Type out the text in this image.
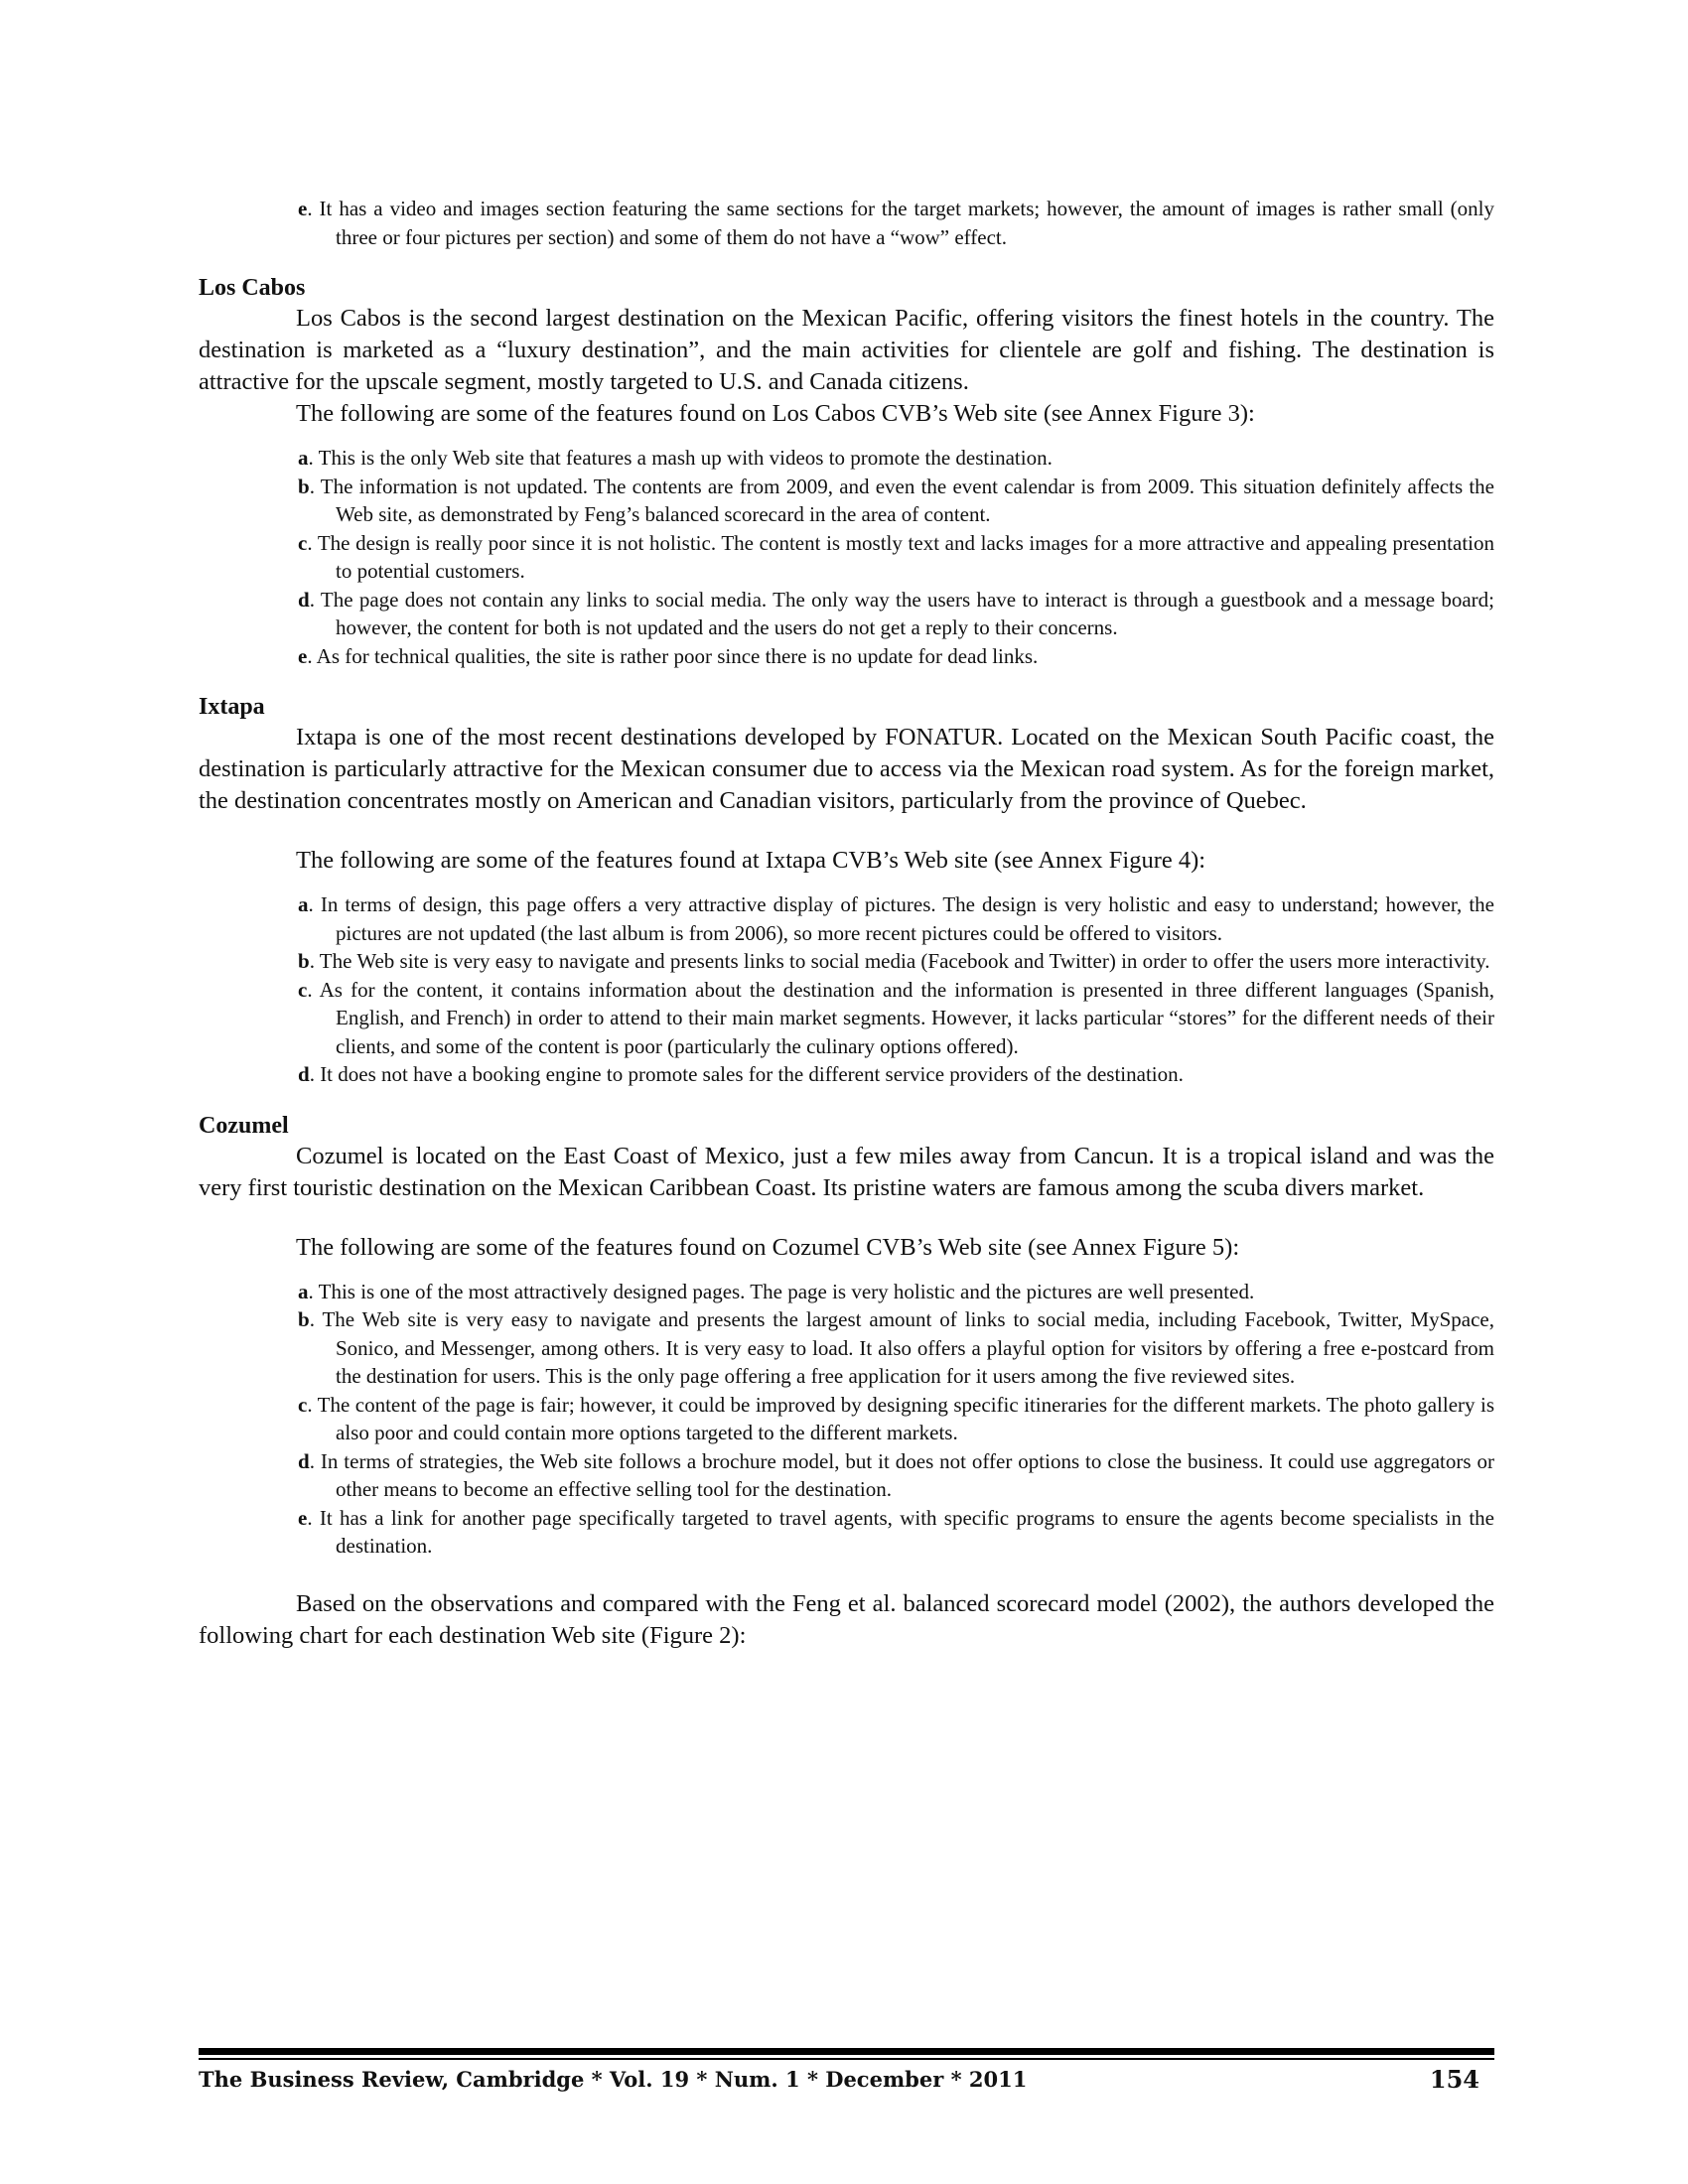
e. It has a video and images section featuring the same sections for the target markets; however, the amount of images is rather small (only three or four pictures per section) and some of them do not have a “wow” effect.
Los Cabos

Los Cabos is the second largest destination on the Mexican Pacific, offering visitors the finest hotels in the country. The destination is marketed as a “luxury destination”, and the main activities for clientele are golf and fishing. The destination is attractive for the upscale segment, mostly targeted to U.S. and Canada citizens.

The following are some of the features found on Los Cabos CVB’s Web site (see Annex Figure 3):

a. This is the only Web site that features a mash up with videos to promote the destination.
b. The information is not updated. The contents are from 2009, and even the event calendar is from 2009. This situation definitely affects the Web site, as demonstrated by Feng’s balanced scorecard in the area of content.
c. The design is really poor since it is not holistic. The content is mostly text and lacks images for a more attractive and appealing presentation to potential customers.
d. The page does not contain any links to social media. The only way the users have to interact is through a guestbook and a message board; however, the content for both is not updated and the users do not get a reply to their concerns.
e. As for technical qualities, the site is rather poor since there is no update for dead links.
Ixtapa

Ixtapa is one of the most recent destinations developed by FONATUR. Located on the Mexican South Pacific coast, the destination is particularly attractive for the Mexican consumer due to access via the Mexican road system. As for the foreign market, the destination concentrates mostly on American and Canadian visitors, particularly from the province of Quebec.

The following are some of the features found at Ixtapa CVB’s Web site (see Annex Figure 4):

a. In terms of design, this page offers a very attractive display of pictures. The design is very holistic and easy to understand; however, the pictures are not updated (the last album is from 2006), so more recent pictures could be offered to visitors.
b. The Web site is very easy to navigate and presents links to social media (Facebook and Twitter) in order to offer the users more interactivity.
c. As for the content, it contains information about the destination and the information is presented in three different languages (Spanish, English, and French) in order to attend to their main market segments. However, it lacks particular “stores” for the different needs of their clients, and some of the content is poor (particularly the culinary options offered).
d. It does not have a booking engine to promote sales for the different service providers of the destination.
Cozumel

Cozumel is located on the East Coast of Mexico, just a few miles away from Cancun. It is a tropical island and was the very first touristic destination on the Mexican Caribbean Coast. Its pristine waters are famous among the scuba divers market.

The following are some of the features found on Cozumel CVB’s Web site (see Annex Figure 5):

a. This is one of the most attractively designed pages. The page is very holistic and the pictures are well presented.
b. The Web site is very easy to navigate and presents the largest amount of links to social media, including Facebook, Twitter, MySpace, Sonico, and Messenger, among others. It is very easy to load. It also offers a playful option for visitors by offering a free e-postcard from the destination for users. This is the only page offering a free application for it users among the five reviewed sites.
c. The content of the page is fair; however, it could be improved by designing specific itineraries for the different markets. The photo gallery is also poor and could contain more options targeted to the different markets.
d. In terms of strategies, the Web site follows a brochure model, but it does not offer options to close the business. It could use aggregators or other means to become an effective selling tool for the destination.
e. It has a link for another page specifically targeted to travel agents, with specific programs to ensure the agents become specialists in the destination.

Based on the observations and compared with the Feng et al. balanced scorecard model (2002), the authors developed the following chart for each destination Web site (Figure 2):

The Business Review, Cambridge * Vol. 19 * Num. 1 * December * 2011	154
